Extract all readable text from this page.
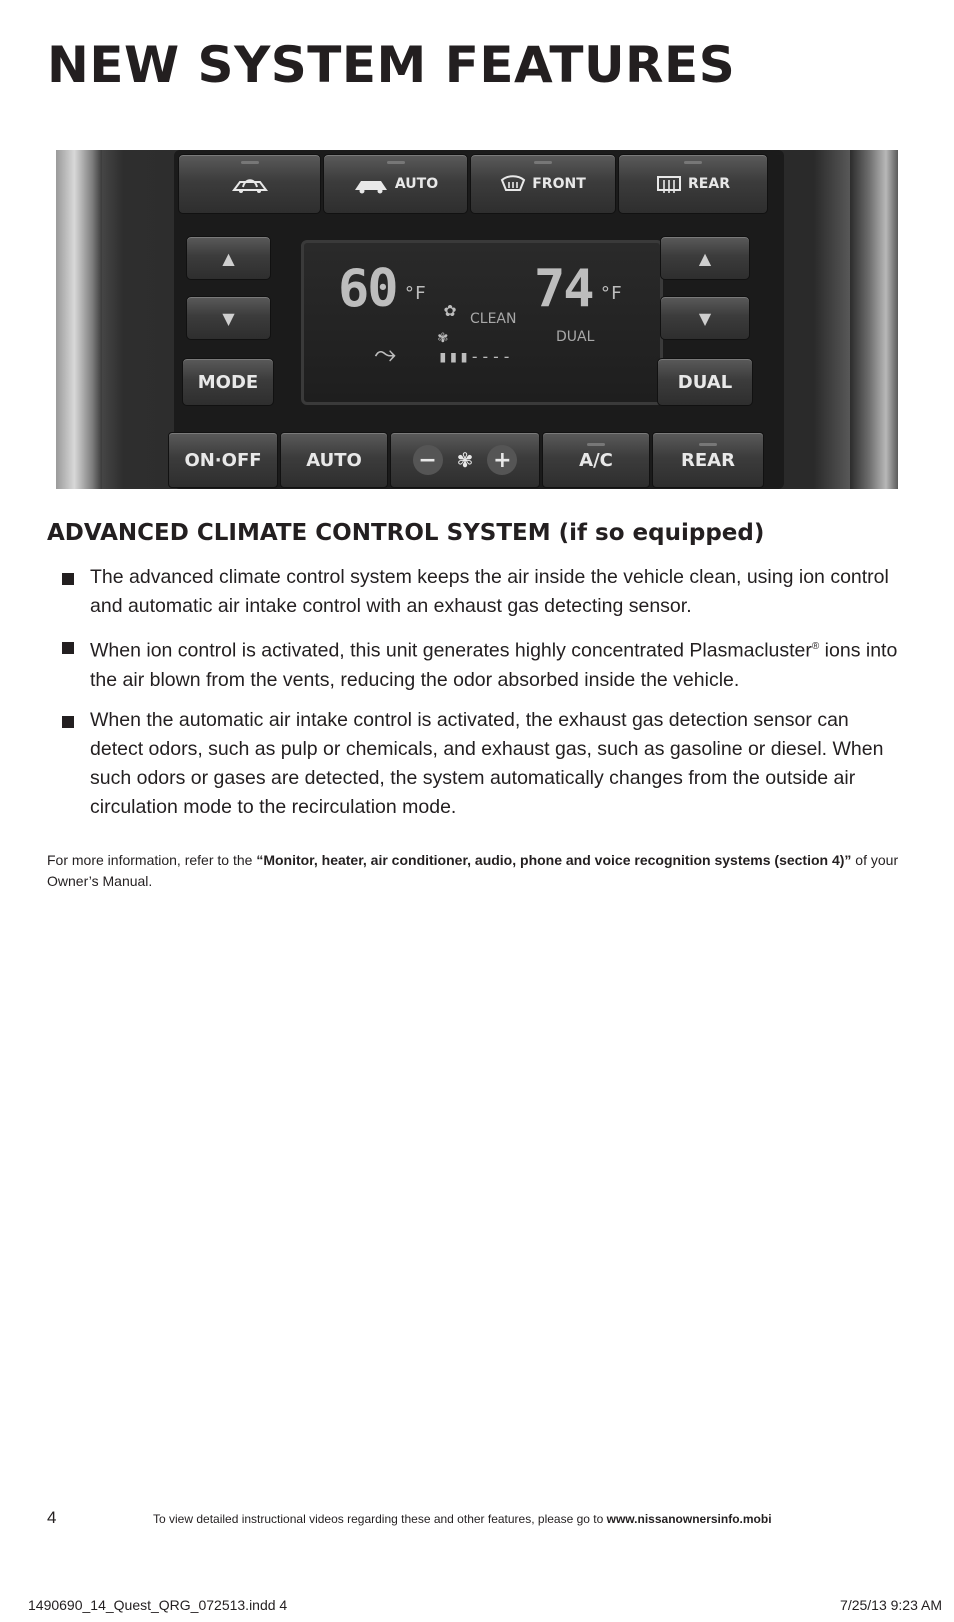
NEW SYSTEM FEATURES
AUTO	FRONT	REAR
▲
▼
MODE
60 °F 74 °F
✿ CLEAN
DUAL
⤳
✾
▮▮▮----
▲
▼
DUAL
ON·OFF AUTO	− ✾ +	A/C	REAR
ADVANCED CLIMATE CONTROL SYSTEM (if so equipped)
The advanced climate control system keeps the air inside the vehicle clean, using ion control and automatic air intake control with an exhaust gas detecting sensor.
When ion control is activated, this unit generates highly concentrated Plasmacluster® ions into the air blown from the vents, reducing the odor absorbed inside the vehicle.
When the automatic air intake control is activated, the exhaust gas detection sensor can detect odors, such as pulp or chemicals, and exhaust gas, such as gasoline or diesel. When such odors or gases are detected, the system automatically changes from the outside air circulation mode to the recirculation mode.

For more information, refer to the “Monitor, heater, air conditioner, audio, phone and voice recognition systems (section 4)” of your Owner’s Manual.

4	To view detailed instructional videos regarding these and other features, please go to www.nissanownersinfo.mobi
1490690_14_Quest_QRG_072513.indd 4	7/25/13 9:23 AM
